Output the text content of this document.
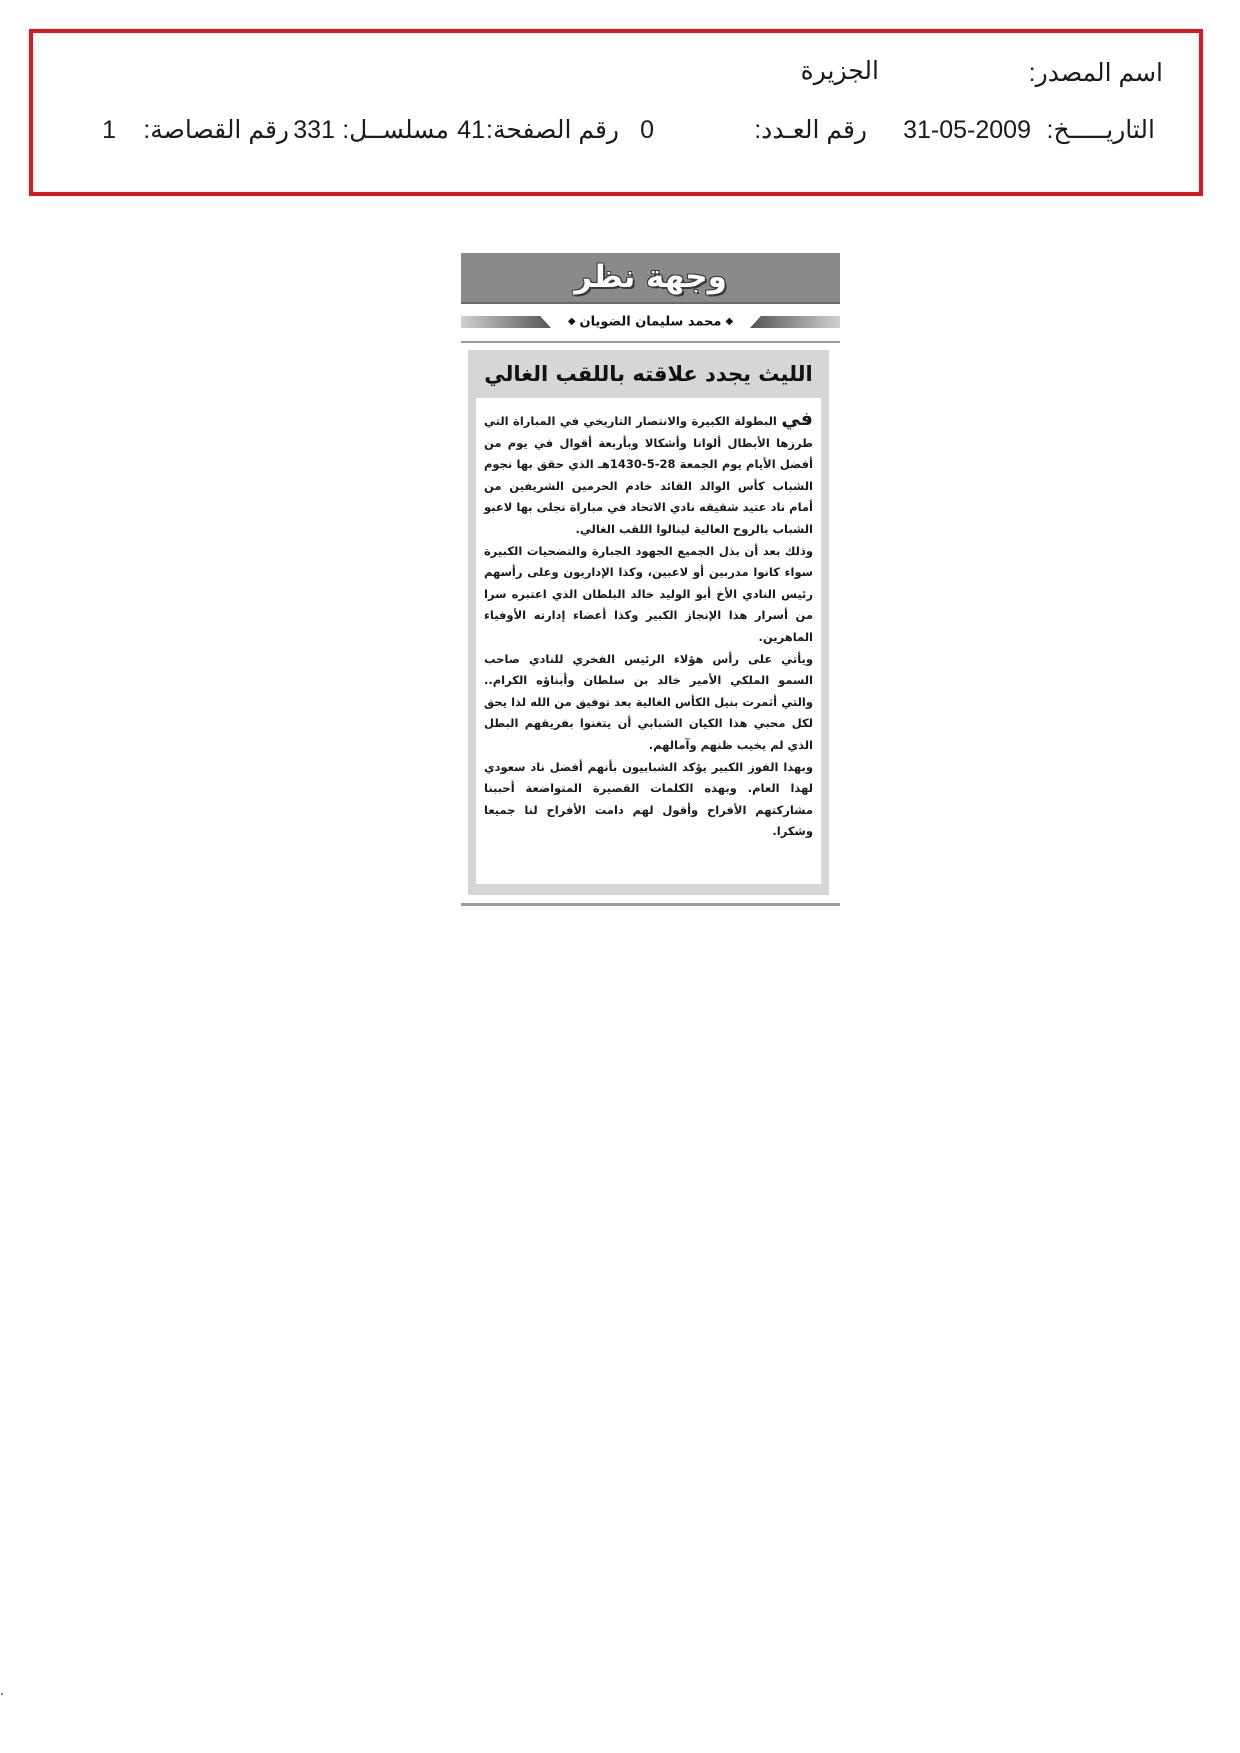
اسم المصدر:
الجزيرة
التاريـــــخ:
31-05-2009
رقم العـدد:
0
رقم الصفحة:
41
مسلســل:
331
رقم القصاصة:
1
وجهة نظر
◆محمد سليمان الضويان◆
الليث يجدد علاقته باللقب الغالي

في البطولة الكبيرة والانتصار التاريخي في المباراة التي طرزها الأبطال ألوانا وأشكالا وبأربعة أقوال في يوم من أفضل الأيام يوم الجمعة 28-5-1430هـ الذي حقق بها نجوم الشباب كأس الوالد القائد خادم الحرمين الشريفين من أمام ناد عتيد شقيقه نادي الاتحاد في مباراة تجلى بها لاعبو الشباب بالروح العالية لينالوا اللقب الغالي.

وذلك بعد أن بذل الجميع الجهود الجبارة والتضحيات الكبيرة سواء كانوا مدربين أو لاعبين، وكذا الإداريون وعلى رأسهم رئيس النادي الأخ أبو الوليد خالد البلطان الذي اعتبره سرا من أسرار هذا الإنجاز الكبير وكذا أعضاء إدارته الأوفياء الماهرين.

ويأتي على رأس هؤلاء الرئيس الفخري للنادي صاحب السمو الملكي الأمير خالد بن سلطان وأبناؤه الكرام.. والتي أثمرت بنيل الكأس الغالية بعد توفيق من الله لذا يحق لكل محبي هذا الكيان الشبابي أن يتغنوا بفريقهم البطل الذي لم يخيب ظنهم وآمالهم.

وبهذا الفوز الكبير يؤكد الشبابيون بأنهم أفضل ناد سعودي لهذا العام. وبهذه الكلمات القصيرة المتواضعة أحببنا مشاركتهم الأفراح وأقول لهم دامت الأفراح لنا جميعا وشكرا.
